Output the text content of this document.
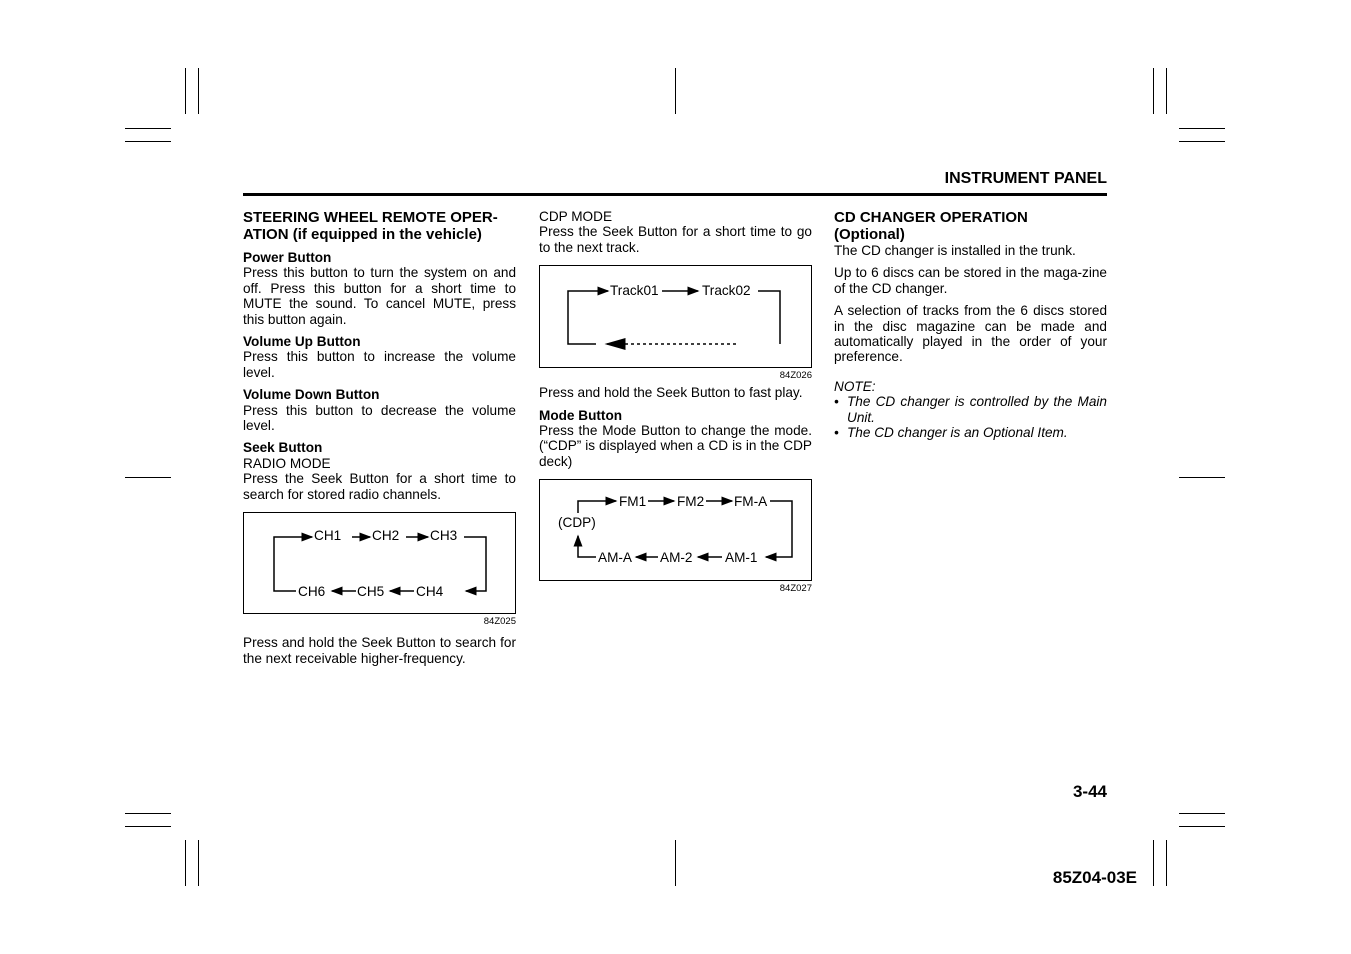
INSTRUMENT PANEL
STEERING WHEEL REMOTE OPER-
ATION (if equipped in the vehicle)
Power Button

Press this button to turn the system on and off. Press this button for a short time to MUTE the sound. To cancel MUTE, press this button again.

Volume Up Button

Press this button to increase the volume level.

Volume Down Button

Press this button to decrease the volume level.

Seek Button

RADIO MODE

Press the Seek Button for a short time to search for stored radio channels.

CH1 CH2 CH3
CH4
CH5
CH6
84Z025

Press and hold the Seek Button to search for the next receivable higher-frequency.

CDP MODE

Press the Seek Button for a short time to go to the next track.

Track01	Track02
84Z026

Press and hold the Seek Button to fast play.

Mode Button

Press the Mode Button to change the mode. (“CDP” is displayed when a CD is in the CDP deck)

FM1 FM2 FM-A
AM-1
AM-2
AM-A
(CDP)
84Z027
CD CHANGER OPERATION
(Optional)

The CD changer is installed in the trunk.

Up to 6 discs can be stored in the maga-zine of the CD changer.

A selection of tracks from the 6 discs stored in the disc magazine can be made and automatically played in the order of your preference.

NOTE:
• The CD changer is controlled by the Main Unit.
• The CD changer is an Optional Item.
3-44
85Z04-03E
